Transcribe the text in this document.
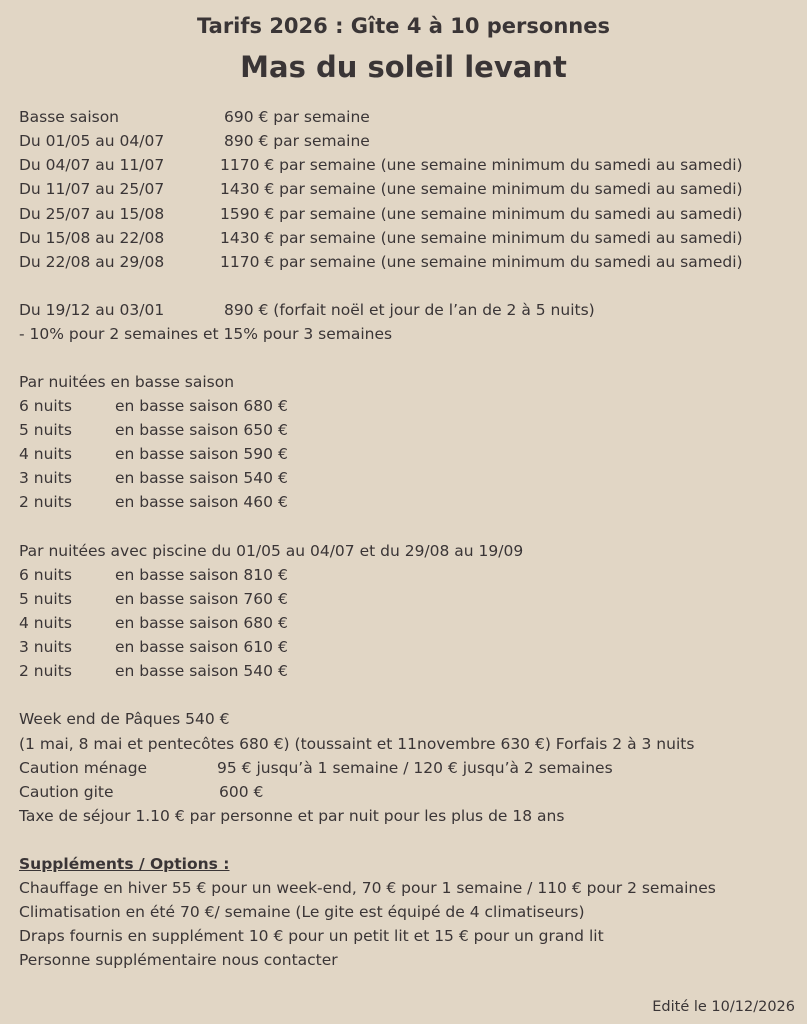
Tarifs 2026 : Gîte 4 à 10 personnes
Mas du soleil levant
Basse saison	690 € par semaine
Du 01/05 au 04/07	890 € par semaine
Du 04/07 au 11/07	1170 € par semaine (une semaine minimum du samedi au samedi)
Du 11/07 au 25/07	1430 € par semaine (une semaine minimum du samedi au samedi)
Du 25/07 au 15/08	1590 € par semaine (une semaine minimum du samedi au samedi)
Du 15/08 au 22/08	1430 € par semaine (une semaine minimum du samedi au samedi)
Du 22/08 au 29/08	1170 € par semaine (une semaine minimum du samedi au samedi)
Du 19/12 au 03/01	890 € (forfait noël et jour de l’an de 2 à 5 nuits)
- 10% pour 2 semaines et 15% pour 3 semaines
Par nuitées en basse saison
6 nuits	en basse saison 680 €
5 nuits	en basse saison 650 €
4 nuits	en basse saison 590 €
3 nuits	en basse saison 540 €
2 nuits	en basse saison 460 €
Par nuitées avec piscine du 01/05 au 04/07 et du 29/08 au 19/09
6 nuits	en basse saison 810 €
5 nuits	en basse saison 760 €
4 nuits	en basse saison 680 €
3 nuits	en basse saison 610 €
2 nuits	en basse saison 540 €
Week end de Pâques 540 €
(1 mai, 8 mai et pentecôtes 680 €) (toussaint et 11novembre 630 €) Forfais 2 à 3 nuits
Caution ménage	95 € jusqu’à 1 semaine / 120 € jusqu’à 2 semaines
Caution gite	600 €
Taxe de séjour 1.10 € par personne et par nuit pour les plus de 18 ans
Suppléments / Options :
Chauffage en hiver 55 € pour un week-end, 70 € pour 1 semaine / 110 € pour 2 semaines
Climatisation en été 70 €/ semaine (Le gite est équipé de 4 climatiseurs)
Draps fournis en supplément 10 € pour un petit lit et 15 € pour un grand lit
Personne supplémentaire nous contacter
Edité le 10/12/2026
